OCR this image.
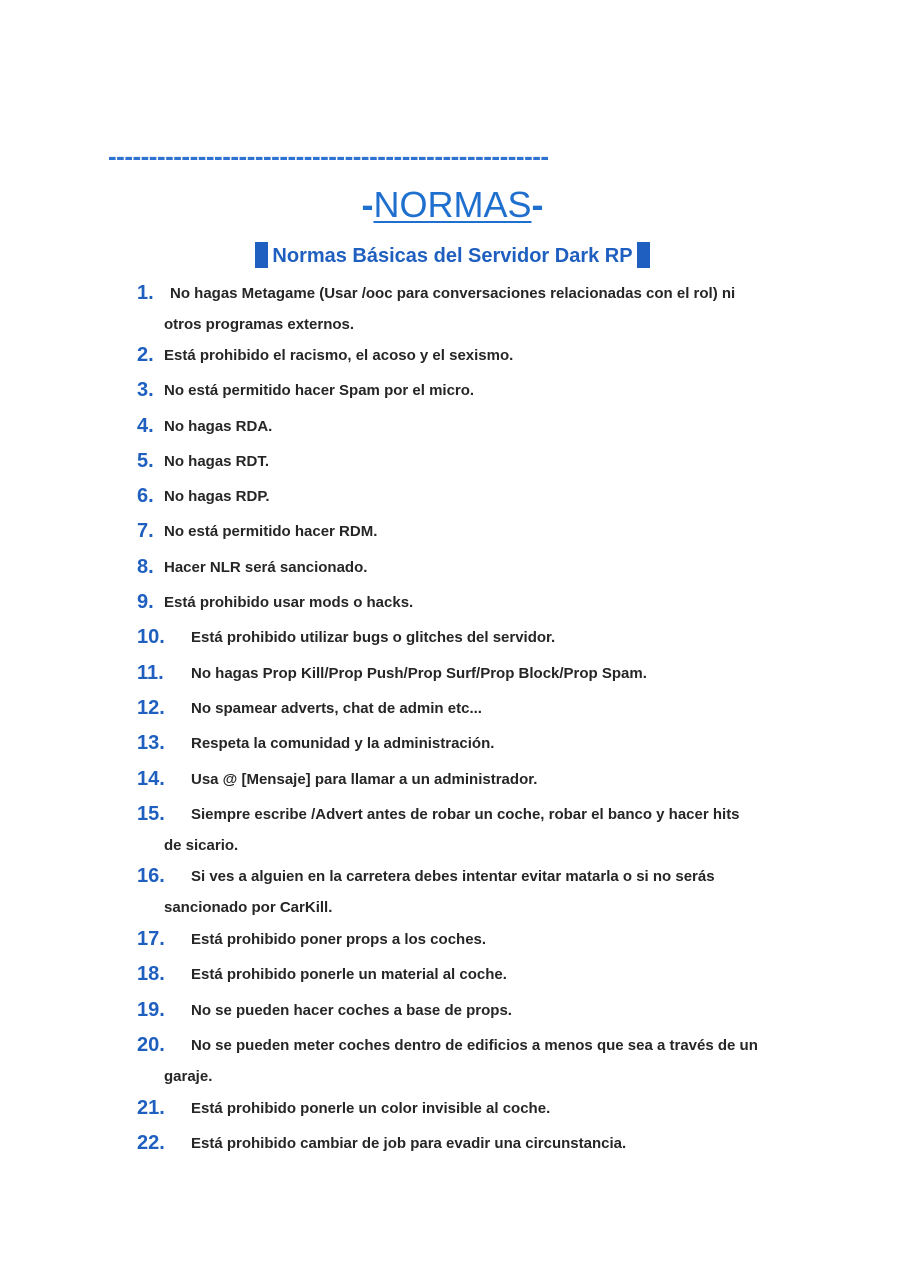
------------------------------------------------------
-NORMAS-
Normas Básicas del Servidor Dark RP
1. No hagas Metagame (Usar /ooc para conversaciones relacionadas con el rol) ni
otros programas externos.
2. Está prohibido el racismo, el acoso y el sexismo.
3. No está permitido hacer Spam por el micro.
4. No hagas RDA.
5. No hagas RDT.
6. No hagas RDP.
7. No está permitido hacer RDM.
8. Hacer NLR será sancionado.
9. Está prohibido usar mods o hacks.
10. Está prohibido utilizar bugs o glitches del servidor.
11. No hagas Prop Kill/Prop Push/Prop Surf/Prop Block/Prop Spam.
12. No spamear adverts, chat de admin etc...
13. Respeta la comunidad y la administración.
14. Usa @ [Mensaje] para llamar a un administrador.
15. Siempre escribe /Advert antes de robar un coche, robar el banco y hacer hits
de sicario.
16. Si ves a alguien en la carretera debes intentar evitar matarla o si no serás
sancionado por CarKill.
17. Está prohibido poner props a los coches.
18. Está prohibido ponerle un material al coche.
19. No se pueden hacer coches a base de props.
20. No se pueden meter coches dentro de edificios a menos que sea a través de un
garaje.
21. Está prohibido ponerle un color invisible al coche.
22. Está prohibido cambiar de job para evadir una circunstancia.
